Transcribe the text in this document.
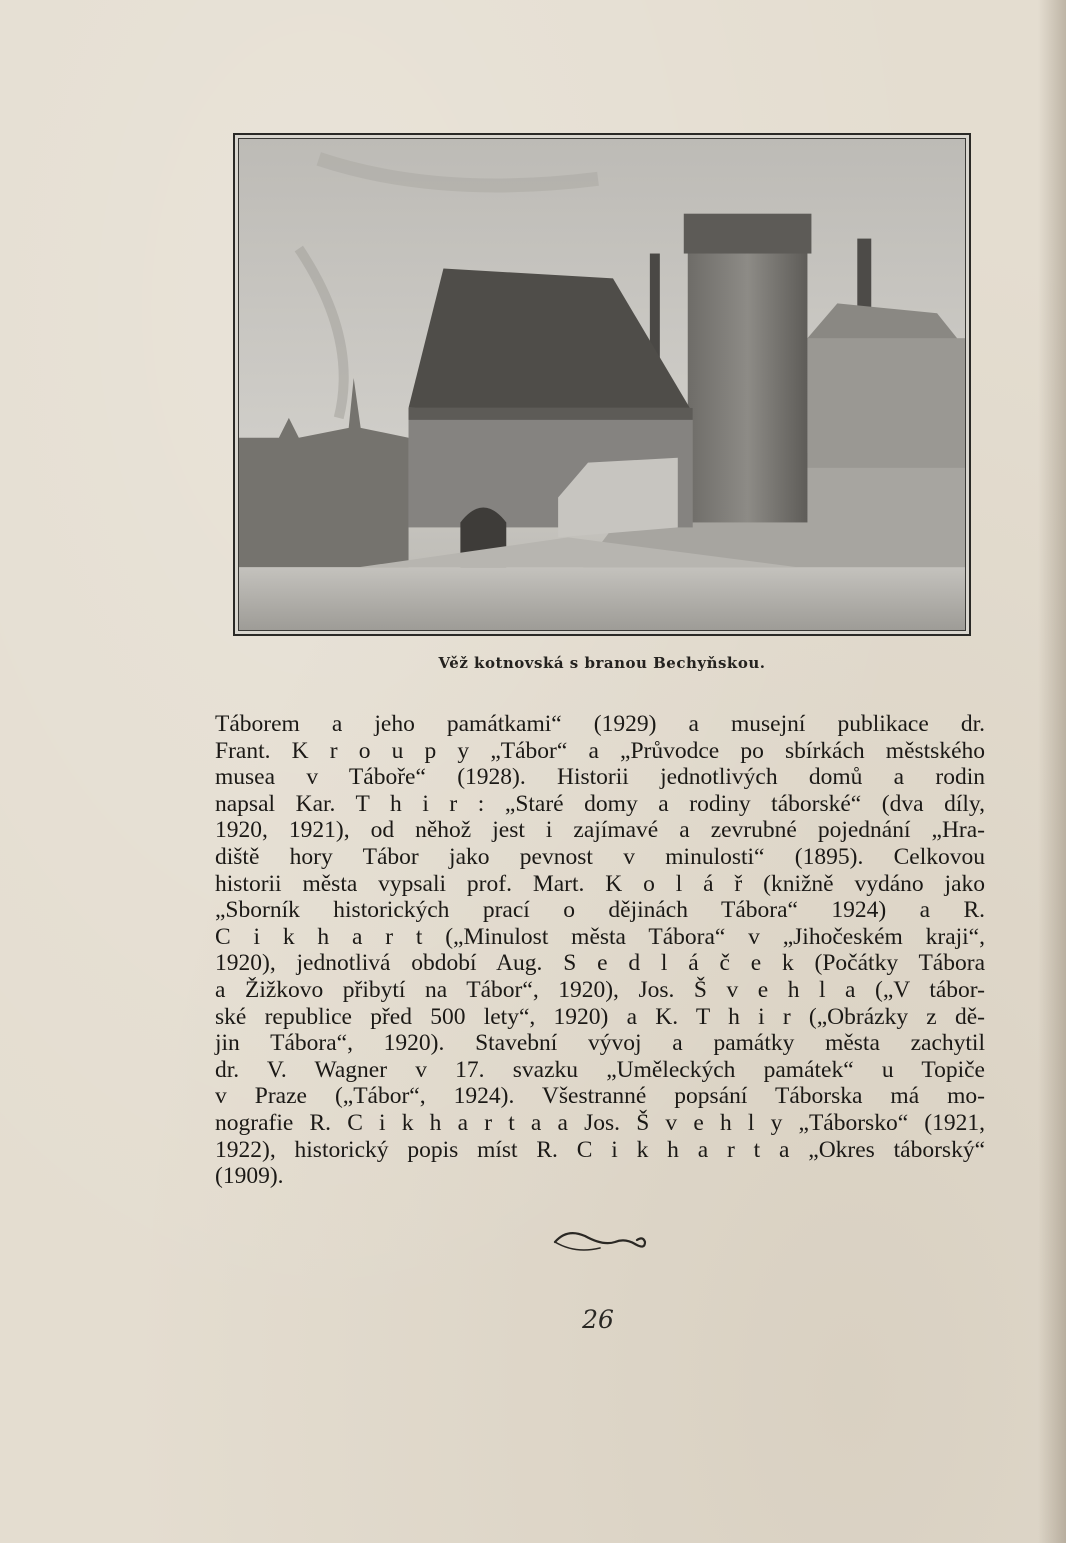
Věž kotnovská s branou Bechyňskou.
Táborem a jeho památkami“ (1929) a musejní publikace dr.
Frant. K r o u p y „Tábor“ a „Průvodce po sbírkách městského
musea v Táboře“ (1928). Historii jednotlivých domů a rodin
napsal Kar. T h i r : „Staré domy a rodiny táborské“ (dva díly,
1920, 1921), od něhož jest i zajímavé a zevrubné pojednání „Hra-
diště hory Tábor jako pevnost v minulosti“ (1895). Celkovou
historii města vypsali prof. Mart. K o l á ř (knižně vydáno jako
„Sborník historických prací o dějinách Tábora“ 1924) a R.
C i k h a r t („Minulost města Tábora“ v „Jihočeském kraji“,
1920), jednotlivá období Aug. S e d l á č e k (Počátky Tábora
a Žižkovo přibytí na Tábor“, 1920), Jos. Š v e h l a („V tábor-
ské republice před 500 lety“, 1920) a K. T h i r („Obrázky z dě-
jin Tábora“, 1920). Stavební vývoj a památky města zachytil
dr. V. Wagner v 17. svazku „Uměleckých památek“ u Topiče
v Praze („Tábor“, 1924). Všestranné popsání Táborska má mo-
nografie R. C i k h a r t a a Jos. Š v e h l y „Táborsko“ (1921,
1922), historický popis míst R. C i k h a r t a „Okres táborský“
(1909).
26
